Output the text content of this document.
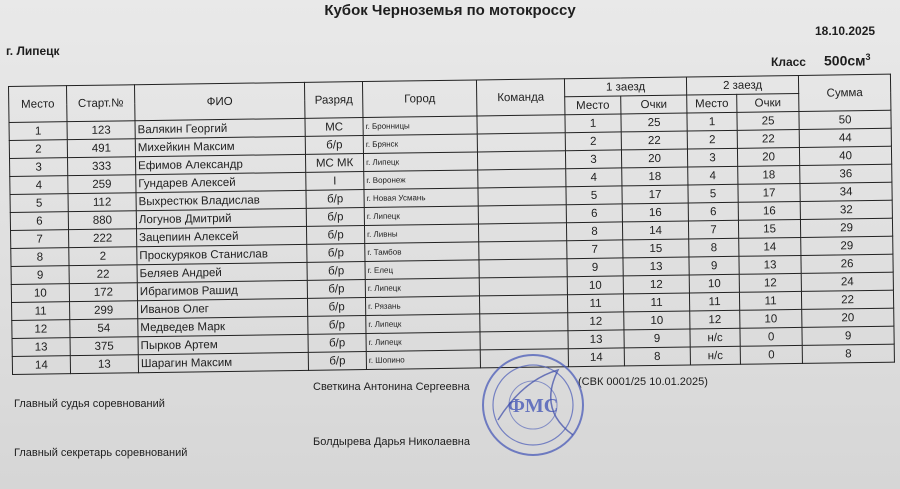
Кубок Черноземья по мотокроссу
18.10.2025
г. Липецк
Класс $500см^3$
Место	Старт.№	ФИО	Разряд	Город	Команда	1 заезд		2 заезд		Сумма
						Место	Очки	Место	Очки	
1	123	Валякин Георгий	МС	г. Бронницы		1	25	1	25	50
2	491	Михейкин Максим	б/р	г. Брянск		2	22	2	22	44
3	333	Ефимов Александр	МС МК	г. Липецк		3	20	3	20	40
4	259	Гундарев Алексей	I	г. Воронеж		4	18	4	18	36
5	112	Выхрестюк Владислав	б/р	г. Новая Усмань		5	17	5	17	34
6	880	Логунов Дмитрий	б/р	г. Липецк		6	16	6	16	32
7	222	Зацепиин Алексей	б/р	г. Ливны		8	14	7	15	29
8	2	Проскуряков Станислав	б/р	г. Тамбов		7	15	8	14	29
9	22	Беляев Андрей	б/р	г. Елец		9	13	9	13	26
10	172	Ибрагимов Рашид	б/р	г. Липецк		10	12	10	12	24
11	299	Иванов Олег	б/р	г. Рязань		11	11	11	11	22
12	54	Медведев Марк	б/р	г. Липецк		12	10	12	10	20
13	375	Пырков Артем	б/р	г. Липецк		13	9	н/с	0	9
14	13	Шарагин Максим	б/р	г. Шопино		14	8	н/с	0	8
Главный судья соревнований
Светкина Антонина Сергеевна	(СВК 0001/25 10.01.2025)
Главный секретарь соревнований
Болдырева Дарья Николаевна
ФМС
